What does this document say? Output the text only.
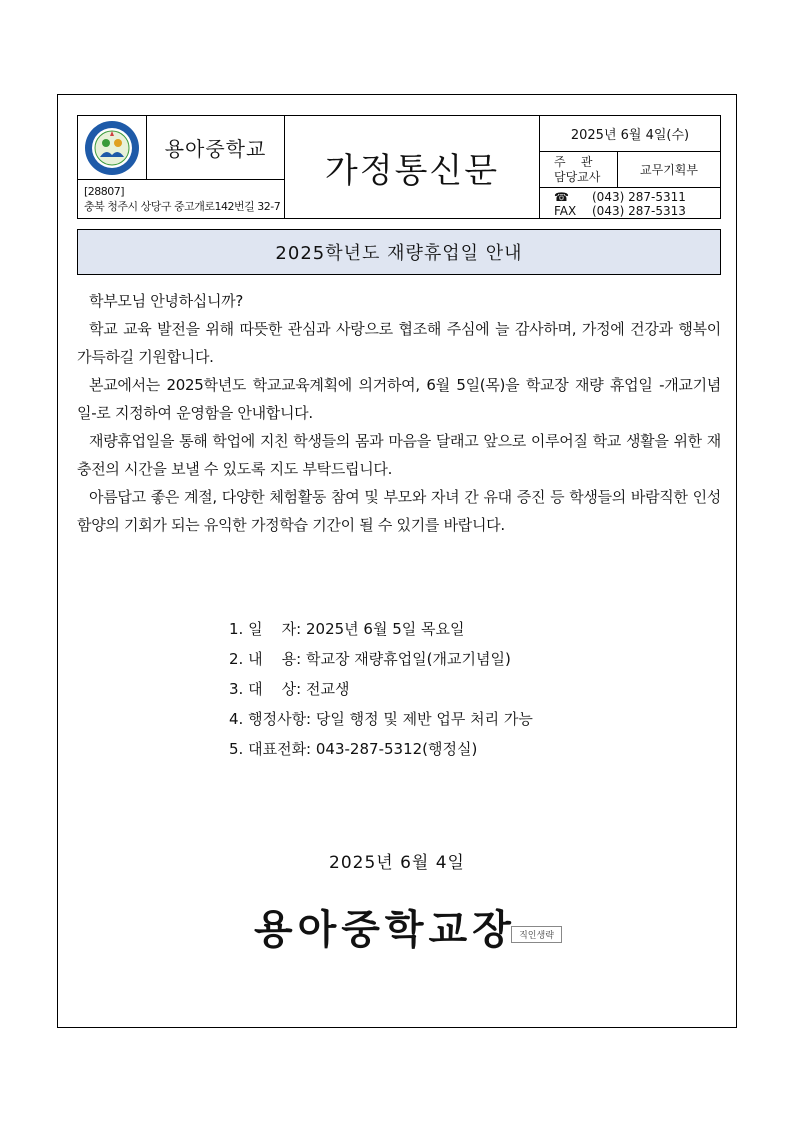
용아중학교
[28807]
충북 청주시 상당구 중고개로142번길 32-7
가정통신문
2025년 6월 4일(수)
주    관
담당교사	교무기획부
☎	(043) 287-5311
FAX	(043) 287-5313
2025학년도 재량휴업일 안내

학부모님 안녕하십니까?

학교 교육 발전을 위해 따뜻한 관심과 사랑으로 협조해 주심에 늘 감사하며, 가정에 건강과 행복이 가득하길 기원합니다.

본교에서는 2025학년도 학교교육계획에 의거하여, 6월 5일(목)을 학교장 재량 휴업일 -개교기념일-로 지정하여 운영함을 안내합니다.

재량휴업일을 통해 학업에 지친 학생들의 몸과 마음을 달래고 앞으로 이루어질 학교 생활을 위한 재충전의 시간을 보낼 수 있도록 지도 부탁드립니다.

아름답고 좋은 계절, 다양한 체험활동 참여 및 부모와 자녀 간 유대 증진 등 학생들의 바람직한 인성 함양의 기회가 되는 유익한 가정학습 기간이 될 수 있기를 바랍니다.

1. 일    자: 2025년 6월 5일 목요일
2. 내    용: 학교장 재량휴업일(개교기념일)
3. 대    상: 전교생
4. 행정사항: 당일 행정 및 제반 업무 처리 가능
5. 대표전화: 043-287-5312(행정실)
2025년 6월 4일
용아중학교장 직인생략
